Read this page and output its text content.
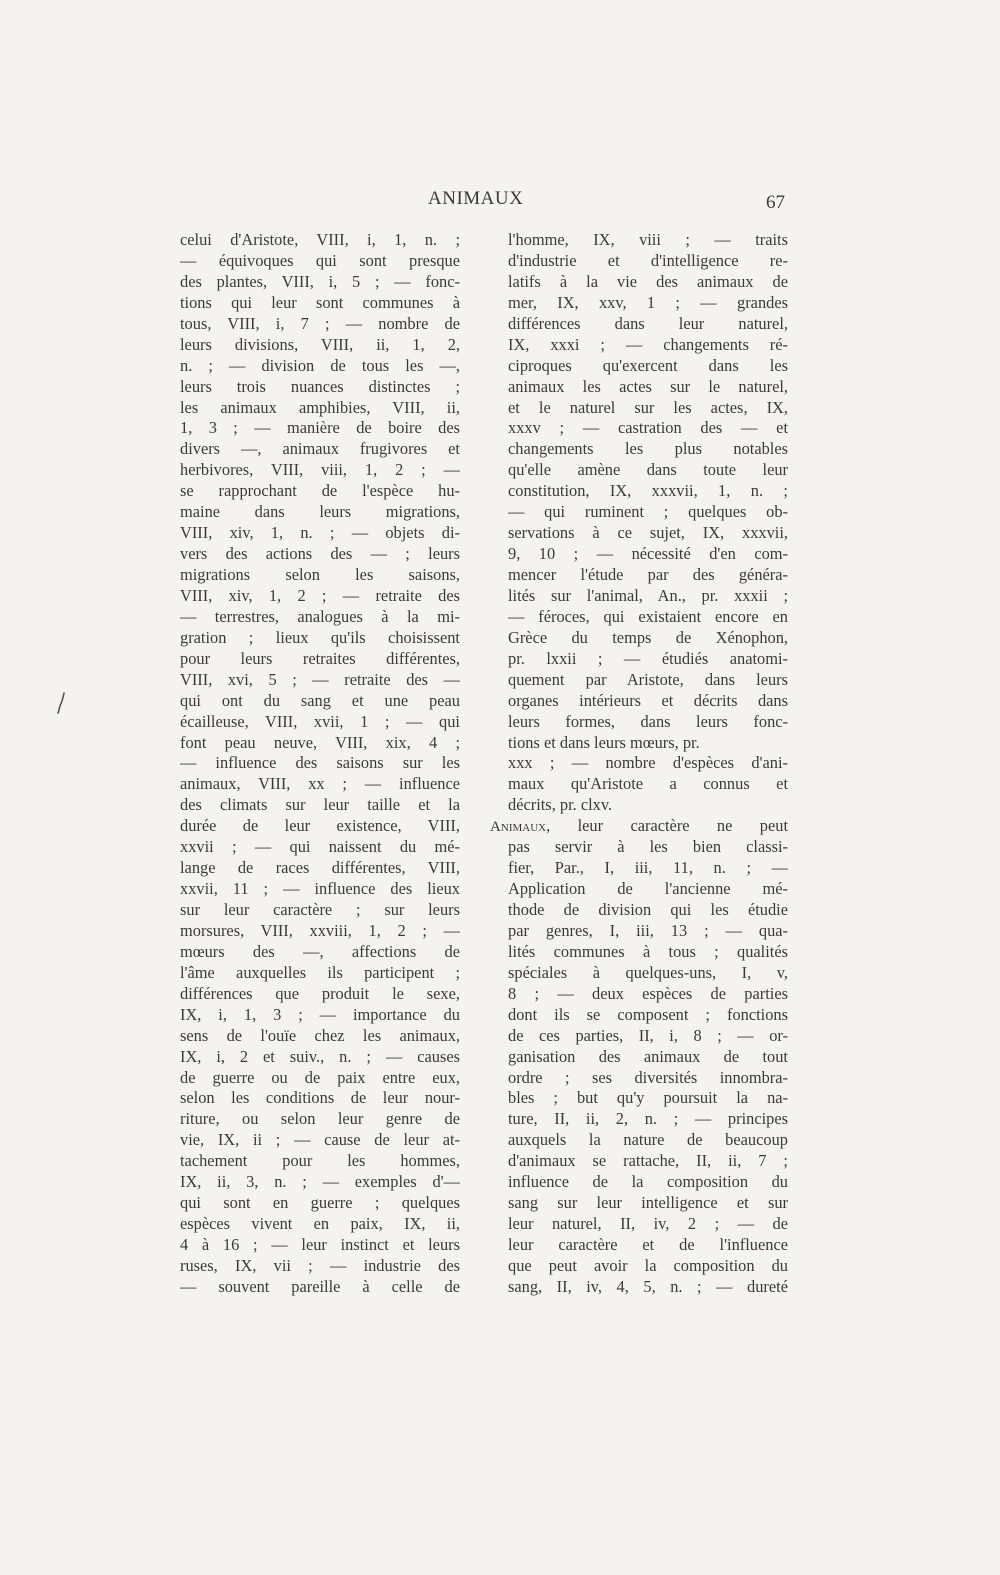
ANIMAUX	67
celui d'Aristote, VIII, i, 1, n. ;
— équivoques qui sont presque
des plantes, VIII, i, 5 ; — fonc-
tions qui leur sont communes à
tous, VIII, i, 7 ; — nombre de
leurs divisions, VIII, ii, 1, 2,
n. ; — division de tous les —,
leurs trois nuances distinctes ;
les animaux amphibies, VIII, ii,
1, 3 ; — manière de boire des
divers —, animaux frugivores et
herbivores, VIII, viii, 1, 2 ; —
se rapprochant de l'espèce hu-
maine dans leurs migrations,
VIII, xiv, 1, n. ; — objets di-
vers des actions des — ; leurs
migrations selon les saisons,
VIII, xiv, 1, 2 ; — retraite des
— terrestres, analogues à la mi-
gration ; lieux qu'ils choisissent
pour leurs retraites différentes,
VIII, xvi, 5 ; — retraite des —
qui ont du sang et une peau
écailleuse, VIII, xvii, 1 ; — qui
font peau neuve, VIII, xix, 4 ;
— influence des saisons sur les
animaux, VIII, xx ; — influence
des climats sur leur taille et la
durée de leur existence, VIII,
xxvii ; — qui naissent du mé-
lange de races différentes, VIII,
xxvii, 11 ; — influence des lieux
sur leur caractère ; sur leurs
morsures, VIII, xxviii, 1, 2 ; —
mœurs des —, affections de
l'âme auxquelles ils participent ;
différences que produit le sexe,
IX, i, 1, 3 ; — importance du
sens de l'ouïe chez les animaux,
IX, i, 2 et suiv., n. ; — causes
de guerre ou de paix entre eux,
selon les conditions de leur nour-
riture, ou selon leur genre de
vie, IX, ii ; — cause de leur at-
tachement pour les hommes,
IX, ii, 3, n. ; — exemples d'—
qui sont en guerre ; quelques
espèces vivent en paix, IX, ii,
4 à 16 ; — leur instinct et leurs
ruses, IX, vii ; — industrie des
— souvent pareille à celle de
l'homme, IX, viii ; — traits
d'industrie et d'intelligence re-
latifs à la vie des animaux de
mer, IX, xxv, 1 ; — grandes
différences dans leur naturel,
IX, xxxi ; — changements ré-
ciproques qu'exercent dans les
animaux les actes sur le naturel,
et le naturel sur les actes, IX,
xxxv ; — castration des — et
changements les plus notables
qu'elle amène dans toute leur
constitution, IX, xxxvii, 1, n. ;
— qui ruminent ; quelques ob-
servations à ce sujet, IX, xxxvii,
9, 10 ; — nécessité d'en com-
mencer l'étude par des généra-
lités sur l'animal, An., pr. xxxii ;
— féroces, qui existaient encore en
Grèce du temps de Xénophon,
pr. lxxii ; — étudiés anatomi-
quement par Aristote, dans leurs
organes intérieurs et décrits dans
leurs formes, dans leurs fonc-
tions et dans leurs mœurs, pr.
xxx ; — nombre d'espèces d'ani-
maux qu'Aristote a connus et
décrits, pr. clxv.
Animaux, leur caractère ne peut
pas servir à les bien classi-
fier, Par., I, iii, 11, n. ; —
Application de l'ancienne mé-
thode de division qui les étudie
par genres, I, iii, 13 ; — qua-
lités communes à tous ; qualités
spéciales à quelques-uns, I, v,
8 ; — deux espèces de parties
dont ils se composent ; fonctions
de ces parties, II, i, 8 ; — or-
ganisation des animaux de tout
ordre ; ses diversités innombra-
bles ; but qu'y poursuit la na-
ture, II, ii, 2, n. ; — principes
auxquels la nature de beaucoup
d'animaux se rattache, II, ii, 7 ;
influence de la composition du
sang sur leur intelligence et sur
leur naturel, II, iv, 2 ; — de
leur caractère et de l'influence
que peut avoir la composition du
sang, II, iv, 4, 5, n. ; — dureté
